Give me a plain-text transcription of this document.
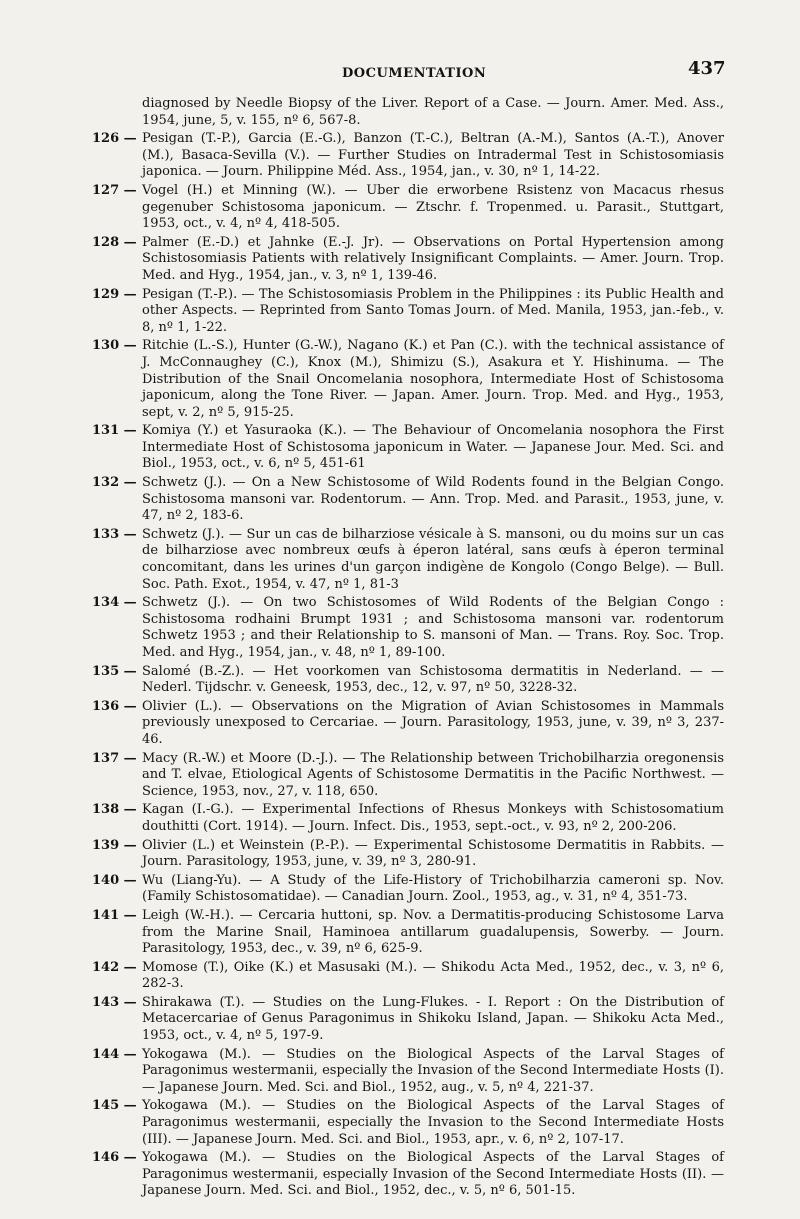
DOCUMENTATION	437
diagnosed by Needle Biopsy of the Liver. Report of a Case. — Journ. Amer. Med. Ass., 1954, june, 5, v. 155, nº 6, 567-8.
126 — Pesigan (T.-P.), Garcia (E.-G.), Banzon (T.-C.), Beltran (A.-M.), Santos (A.-T.), Anover (M.), Basaca-Sevilla (V.). — Further Studies on Intradermal Test in Schistosomiasis japonica. — Journ. Philippine Méd. Ass., 1954, jan., v. 30, nº 1, 14-22.
127 — Vogel (H.) et Minning (W.). — Uber die erworbene Rsistenz von Macacus rhesus gegenuber Schistosoma japonicum. — Ztschr. f. Tropenmed. u. Parasit., Stuttgart, 1953, oct., v. 4, nº 4, 418-505.
128 — Palmer (E.-D.) et Jahnke (E.-J. Jr). — Observations on Portal Hypertension among Schistosomiasis Patients with relatively Insignificant Complaints. — Amer. Journ. Trop. Med. and Hyg., 1954, jan., v. 3, nº 1, 139-46.
129 — Pesigan (T.-P.). — The Schistosomiasis Problem in the Philippines : its Public Health and other Aspects. — Reprinted from Santo Tomas Journ. of Med. Manila, 1953, jan.-feb., v. 8, nº 1, 1-22.
130 — Ritchie (L.-S.), Hunter (G.-W.), Nagano (K.) et Pan (C.). with the technical assistance of J. McConnaughey (C.), Knox (M.), Shimizu (S.), Asakura et Y. Hishinuma. — The Distribution of the Snail Oncomelania nosophora, Intermediate Host of Schistosoma japonicum, along the Tone River. — Japan. Amer. Journ. Trop. Med. and Hyg., 1953, sept, v. 2, nº 5, 915-25.
131 — Komiya (Y.) et Yasuraoka (K.). — The Behaviour of Oncomelania nosophora the First Intermediate Host of Schistosoma japonicum in Water. — Japanese Jour. Med. Sci. and Biol., 1953, oct., v. 6, nº 5, 451-61
132 — Schwetz (J.). — On a New Schistosome of Wild Rodents found in the Belgian Congo. Schistosoma mansoni var. Rodentorum. — Ann. Trop. Med. and Parasit., 1953, june, v. 47, nº 2, 183-6.
133 — Schwetz (J.). — Sur un cas de bilharziose vésicale à S. mansoni, ou du moins sur un cas de bilharziose avec nombreux œufs à éperon latéral, sans œufs à éperon terminal concomitant, dans les urines d'un garçon indigène de Kongolo (Congo Belge). — Bull. Soc. Path. Exot., 1954, v. 47, nº 1, 81-3
134 — Schwetz (J.). — On two Schistosomes of Wild Rodents of the Belgian Congo : Schistosoma rodhaini Brumpt 1931 ; and Schistosoma mansoni var. rodentorum Schwetz 1953 ; and their Relationship to S. mansoni of Man. — Trans. Roy. Soc. Trop. Med. and Hyg., 1954, jan., v. 48, nº 1, 89-100.
135 — Salomé (B.-Z.). — Het voorkomen van Schistosoma dermatitis in Nederland. — — Nederl. Tijdschr. v. Geneesk, 1953, dec., 12, v. 97, nº 50, 3228-32.
136 — Olivier (L.). — Observations on the Migration of Avian Schistosomes in Mammals previously unexposed to Cercariae. — Journ. Parasitology, 1953, june, v. 39, nº 3, 237-46.
137 — Macy (R.-W.) et Moore (D.-J.). — The Relationship between Trichobilharzia oregonensis and T. elvae, Etiological Agents of Schistosome Dermatitis in the Pacific Northwest. — Science, 1953, nov., 27, v. 118, 650.
138 — Kagan (I.-G.). — Experimental Infections of Rhesus Monkeys with Schistosomatium douthitti (Cort. 1914). — Journ. Infect. Dis., 1953, sept.-oct., v. 93, nº 2, 200-206.
139 — Olivier (L.) et Weinstein (P.-P.). — Experimental Schistosome Dermatitis in Rabbits. — Journ. Parasitology, 1953, june, v. 39, nº 3, 280-91.
140 — Wu (Liang-Yu). — A Study of the Life-History of Trichobilharzia cameroni sp. Nov. (Family Schistosomatidae). — Canadian Journ. Zool., 1953, ag., v. 31, nº 4, 351-73.
141 — Leigh (W.-H.). — Cercaria huttoni, sp. Nov. a Dermatitis-producing Schistosome Larva from the Marine Snail, Haminoea antillarum guadalupensis, Sowerby. — Journ. Parasitology, 1953, dec., v. 39, nº 6, 625-9.
142 — Momose (T.), Oike (K.) et Masusaki (M.). — Shikodu Acta Med., 1952, dec., v. 3, nº 6, 282-3.
143 — Shirakawa (T.). — Studies on the Lung-Flukes. - I. Report : On the Distribution of Metacercariae of Genus Paragonimus in Shikoku Island, Japan. — Shikoku Acta Med., 1953, oct., v. 4, nº 5, 197-9.
144 — Yokogawa (M.). — Studies on the Biological Aspects of the Larval Stages of Paragonimus westermanii, especially the Invasion of the Second Intermediate Hosts (I). — Japanese Journ. Med. Sci. and Biol., 1952, aug., v. 5, nº 4, 221-37.
145 — Yokogawa (M.). — Studies on the Biological Aspects of the Larval Stages of Paragonimus westermanii, especially the Invasion to the Second Intermediate Hosts (III). — Japanese Journ. Med. Sci. and Biol., 1953, apr., v. 6, nº 2, 107-17.
146 — Yokogawa (M.). — Studies on the Biological Aspects of the Larval Stages of Paragonimus westermanii, especially Invasion of the Second Intermediate Hosts (II). — Japanese Journ. Med. Sci. and Biol., 1952, dec., v. 5, nº 6, 501-15.
